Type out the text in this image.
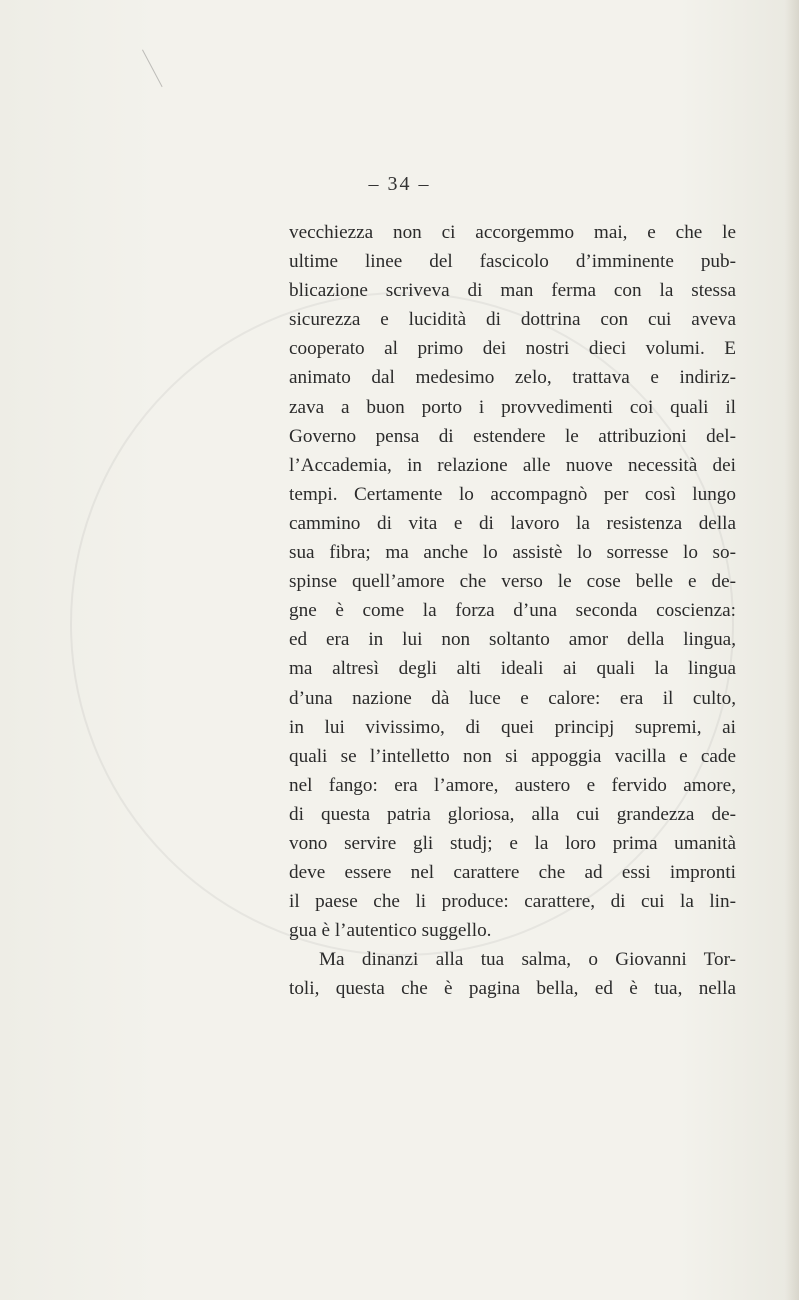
– 34 –
vecchiezza non ci accorgemmo mai, e che le
ultime linee del fascicolo d’imminente pub-
blicazione scriveva di man ferma con la stessa
sicurezza e lucidità di dottrina con cui aveva
cooperato al primo dei nostri dieci volumi. E
animato dal medesimo zelo, trattava e indiriz-
zava a buon porto i provvedimenti coi quali il
Governo pensa di estendere le attribuzioni del-
l’Accademia, in relazione alle nuove necessità dei
tempi. Certamente lo accompagnò per così lungo
cammino di vita e di lavoro la resistenza della
sua fibra; ma anche lo assistè lo sorresse lo so-
spinse quell’amore che verso le cose belle e de-
gne è come la forza d’una seconda coscienza:
ed era in lui non soltanto amor della lingua,
ma altresì degli alti ideali ai quali la lingua
d’una nazione dà luce e calore: era il culto,
in lui vivissimo, di quei principj supremi, ai
quali se l’intelletto non si appoggia vacilla e cade
nel fango: era l’amore, austero e fervido amore,
di questa patria gloriosa, alla cui grandezza de-
vono servire gli studj; e la loro prima umanità
deve essere nel carattere che ad essi impronti
il paese che li produce: carattere, di cui la lin-
gua è l’autentico suggello.
Ma dinanzi alla tua salma, o Giovanni Tor-
toli, questa che è pagina bella, ed è tua, nella
